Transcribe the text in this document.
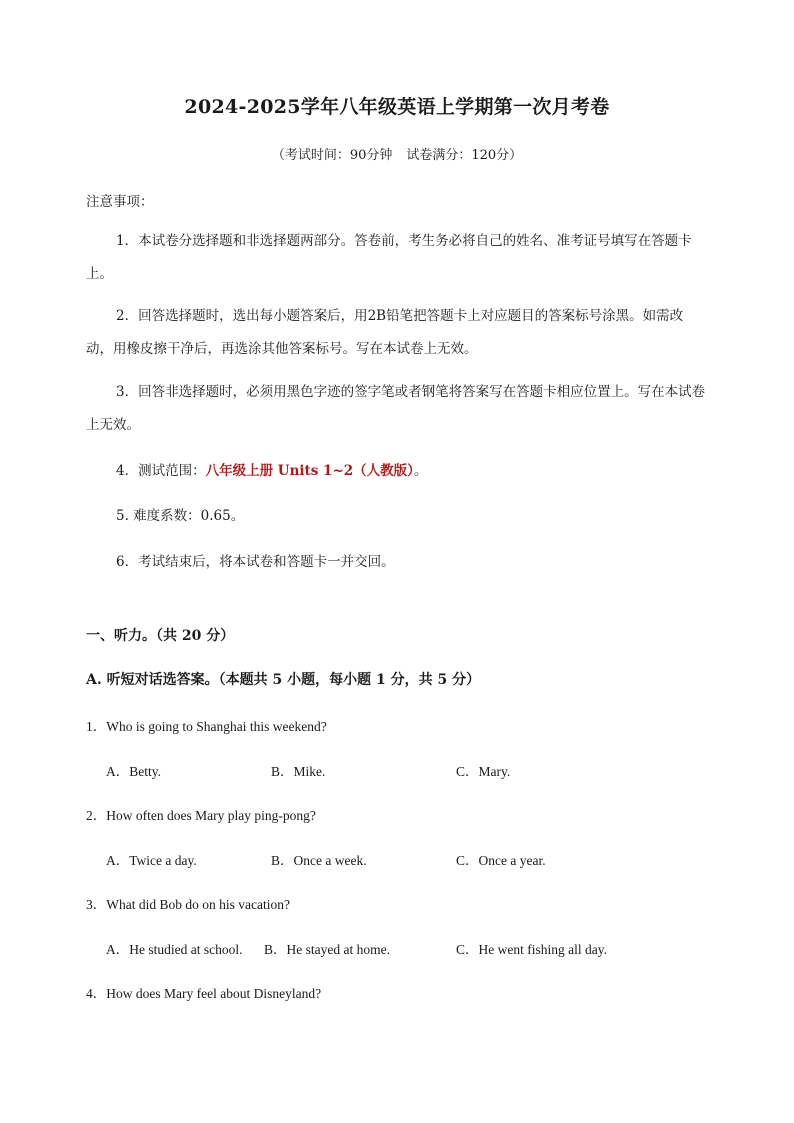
2024-2025学年八年级英语上学期第一次月考卷
（考试时间：90分钟 试卷满分：120分）
注意事项：
1．本试卷分选择题和非选择题两部分。答卷前，考生务必将自己的姓名、准考证号填写在答题卡上。
2．回答选择题时，选出每小题答案后，用2B铅笔把答题卡上对应题目的答案标号涂黑。如需改动，用橡皮擦干净后，再选涂其他答案标号。写在本试卷上无效。
3．回答非选择题时，必须用黑色字迹的签字笔或者钢笔将答案写在答题卡相应位置上。写在本试卷上无效。
4．测试范围：八年级上册 Units 1~2（人教版）。
5. 难度系数：0.65。
6．考试结束后，将本试卷和答题卡一并交回。
一、听力。（共 20 分）
A. 听短对话选答案。（本题共 5 小题，每小题 1 分，共 5 分）
1．Who is going to Shanghai this weekend?
A．Betty.	B．Mike.	C．Mary.
2．How often does Mary play ping-pong?
A．Twice a day.	B．Once a week.	C．Once a year.
3．What did Bob do on his vacation?
A．He studied at school. B．He stayed at home.	C．He went fishing all day.
4．How does Mary feel about Disneyland?
